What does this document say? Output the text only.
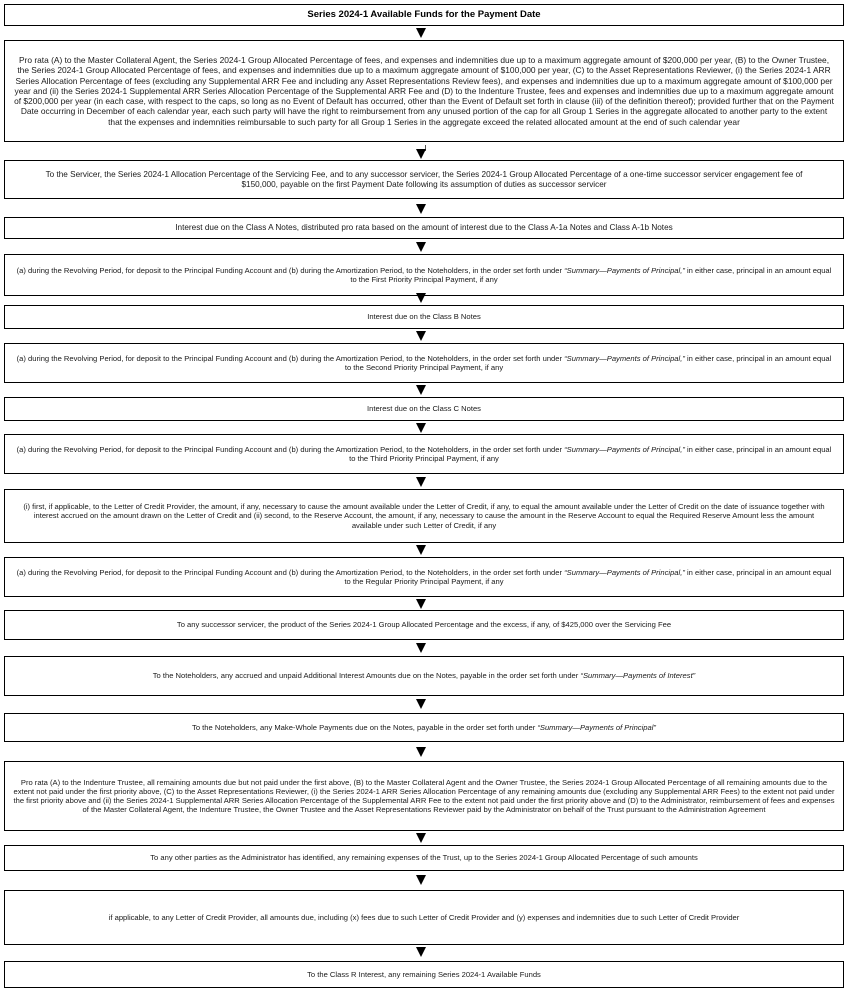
Series 2024-1 Available Funds for the Payment Date
Pro rata (A) to the Master Collateral Agent, the Series 2024-1 Group Allocated Percentage of fees, and expenses and indemnities due up to a maximum aggregate amount of $200,000 per year, (B) to the Owner Trustee, the Series 2024-1 Group Allocated Percentage of fees, and expenses and indemnities due up to a maximum aggregate amount of $100,000 per year, (C) to the Asset Representations Reviewer, (i) the Series 2024-1 ARR Series Allocation Percentage of fees (excluding any Supplemental ARR Fee and including any Asset Representations Review fees), and expenses and indemnities due up to a maximum aggregate amount of $100,000 per year and (ii) the Series 2024-1 Supplemental ARR Series Allocation Percentage of the Supplemental ARR Fee and (D) to the Indenture Trustee, fees and expenses and indemnities due up to a maximum aggregate amount of $200,000 per year (in each case, with respect to the caps, so long as no Event of Default has occurred, other than the Event of Default set forth in clause (iii) of the definition thereof); provided further that on the Payment Date occurring in December of each calendar year, each such party will have the right to reimbursement from any unused portion of the cap for all Group 1 Series in the aggregate allocated to another party to the extent that the expenses and indemnities reimbursable to such party for all Group 1 Series in the aggregate exceed the related allocated amount at the end of such calendar year
To the Servicer, the Series 2024-1 Allocation Percentage of the Servicing Fee, and to any successor servicer, the Series 2024-1 Group Allocated Percentage of a one-time successor servicer engagement fee of $150,000, payable on the first Payment Date following its assumption of duties as successor servicer
Interest due on the Class A Notes, distributed pro rata based on the amount of interest due to the Class A-1a Notes and Class A-1b Notes
(a) during the Revolving Period, for deposit to the Principal Funding Account and (b) during the Amortization Period, to the Noteholders, in the order set forth under “Summary—Payments of Principal,” in either case, principal in an amount equal to the First Priority Principal Payment, if any
Interest due on the Class B Notes
(a) during the Revolving Period, for deposit to the Principal Funding Account and (b) during the Amortization Period, to the Noteholders, in the order set forth under “Summary—Payments of Principal,” in either case, principal in an amount equal to the Second Priority Principal Payment, if any
Interest due on the Class C Notes
(a) during the Revolving Period, for deposit to the Principal Funding Account and (b) during the Amortization Period, to the Noteholders, in the order set forth under “Summary—Payments of Principal,” in either case, principal in an amount equal to the Third Priority Principal Payment, if any
(i) first, if applicable, to the Letter of Credit Provider, the amount, if any, necessary to cause the amount available under the Letter of Credit, if any, to equal the amount available under the Letter of Credit on the date of issuance together with interest accrued on the amount drawn on the Letter of Credit and (ii) second, to the Reserve Account, the amount, if any, necessary to cause the amount in the Reserve Account to equal the Required Reserve Amount less the amount available under such Letter of Credit, if any
(a) during the Revolving Period, for deposit to the Principal Funding Account and (b) during the Amortization Period, to the Noteholders, in the order set forth under “Summary—Payments of Principal,” in either case, principal in an amount equal to the Regular Priority Principal Payment, if any
To any successor servicer, the product of the Series 2024-1 Group Allocated Percentage and the excess, if any, of $425,000 over the Servicing Fee
To the Noteholders, any accrued and unpaid Additional Interest Amounts due on the Notes, payable in the order set forth under “Summary—Payments of Interest”
To the Noteholders, any Make-Whole Payments due on the Notes, payable in the order set forth under “Summary—Payments of Principal”
Pro rata (A) to the Indenture Trustee, all remaining amounts due but not paid under the first above, (B) to the Master Collateral Agent and the Owner Trustee, the Series 2024-1 Group Allocated Percentage of all remaining amounts due to the extent not paid under the first priority above, (C) to the Asset Representations Reviewer, (i) the Series 2024-1 ARR Series Allocation Percentage of any remaining amounts due (excluding any Supplemental ARR Fees) to the extent not paid under the first priority above and (ii) the Series 2024-1 Supplemental ARR Series Allocation Percentage of the Supplemental ARR Fee to the extent not paid under the first priority above and (D) to the Administrator, reimbursement of fees and expenses of the Master Collateral Agent, the Indenture Trustee, the Owner Trustee and the Asset Representations Reviewer paid by the Administrator on behalf of the Trust pursuant to the Administration Agreement
To any other parties as the Administrator has identified, any remaining expenses of the Trust, up to the Series 2024-1 Group Allocated Percentage of such amounts
if applicable, to any Letter of Credit Provider, all amounts due, including (x) fees due to such Letter of Credit Provider and (y) expenses and indemnities due to such Letter of Credit Provider
To the Class R Interest, any remaining Series 2024-1 Available Funds
